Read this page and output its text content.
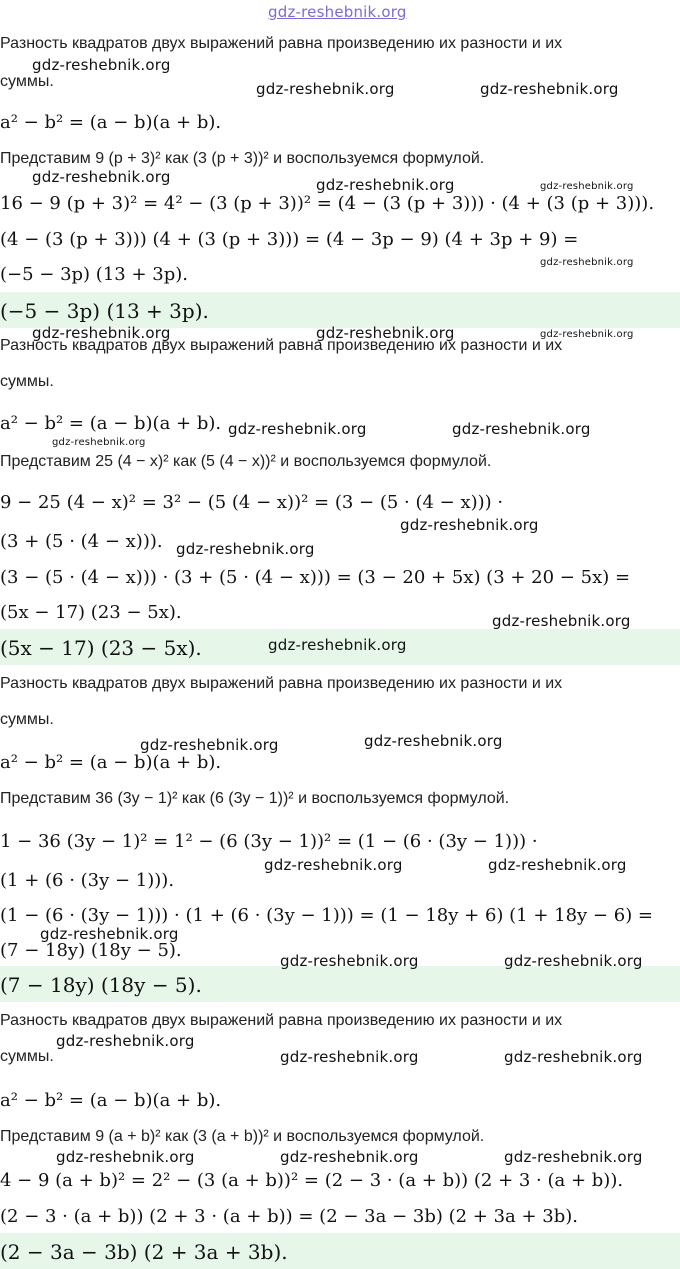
gdz-reshebnik.org
Разность квадратов двух выражений равна произведению их разности и их
суммы.
a² − b² = (a − b)(a + b).
Представим 9 (p + 3)² как (3 (p + 3))² и воспользуемся формулой.
16 − 9 (p + 3)² = 4² − (3 (p + 3))² = (4 − (3 (p + 3))) · (4 + (3 (p + 3))).
(4 − (3 (p + 3))) (4 + (3 (p + 3))) = (4 − 3p − 9) (4 + 3p + 9) =
(−5 − 3p) (13 + 3p).
(−5 − 3p) (13 + 3p).
Разность квадратов двух выражений равна произведению их разности и их
суммы.
a² − b² = (a − b)(a + b).
Представим 25 (4 − x)² как (5 (4 − x))² и воспользуемся формулой.
9 − 25 (4 − x)² = 3² − (5 (4 − x))² = (3 − (5 · (4 − x))) ·
(3 + (5 · (4 − x))).
(3 − (5 · (4 − x))) · (3 + (5 · (4 − x))) = (3 − 20 + 5x) (3 + 20 − 5x) =
(5x − 17) (23 − 5x).
(5x − 17) (23 − 5x).
Разность квадратов двух выражений равна произведению их разности и их
суммы.
a² − b² = (a − b)(a + b).
Представим 36 (3y − 1)² как (6 (3y − 1))² и воспользуемся формулой.
1 − 36 (3y − 1)² = 1² − (6 (3y − 1))² = (1 − (6 · (3y − 1))) ·
(1 + (6 · (3y − 1))).
(1 − (6 · (3y − 1))) · (1 + (6 · (3y − 1))) = (1 − 18y + 6) (1 + 18y − 6) =
(7 − 18y) (18y − 5).
(7 − 18y) (18y − 5).
Разность квадратов двух выражений равна произведению их разности и их
суммы.
a² − b² = (a − b)(a + b).
Представим 9 (a + b)² как (3 (a + b))² и воспользуемся формулой.
4 − 9 (a + b)² = 2² − (3 (a + b))² = (2 − 3 · (a + b)) (2 + 3 · (a + b)).
(2 − 3 · (a + b)) (2 + 3 · (a + b)) = (2 − 3a − 3b) (2 + 3a + 3b).
(2 − 3a − 3b) (2 + 3a + 3b).
gdz-reshebnik.org
gdz-reshebnik.org	gdz-reshebnik.org
gdz-reshebnik.org	gdz-reshebnik.org	gdz-reshebnik.org
gdz-reshebnik.org
gdz-reshebnik.org	gdz-reshebnik.org	gdz-reshebnik.org
gdz-reshebnik.org
gdz-reshebnik.org	gdz-reshebnik.org
gdz-reshebnik.org
gdz-reshebnik.org
gdz-reshebnik.org
gdz-reshebnik.org
gdz-reshebnik.org	gdz-reshebnik.org
gdz-reshebnik.org	gdz-reshebnik.org
gdz-reshebnik.org
gdz-reshebnik.org	gdz-reshebnik.org
gdz-reshebnik.org
gdz-reshebnik.org	gdz-reshebnik.org
gdz-reshebnik.org	gdz-reshebnik.org	gdz-reshebnik.org
